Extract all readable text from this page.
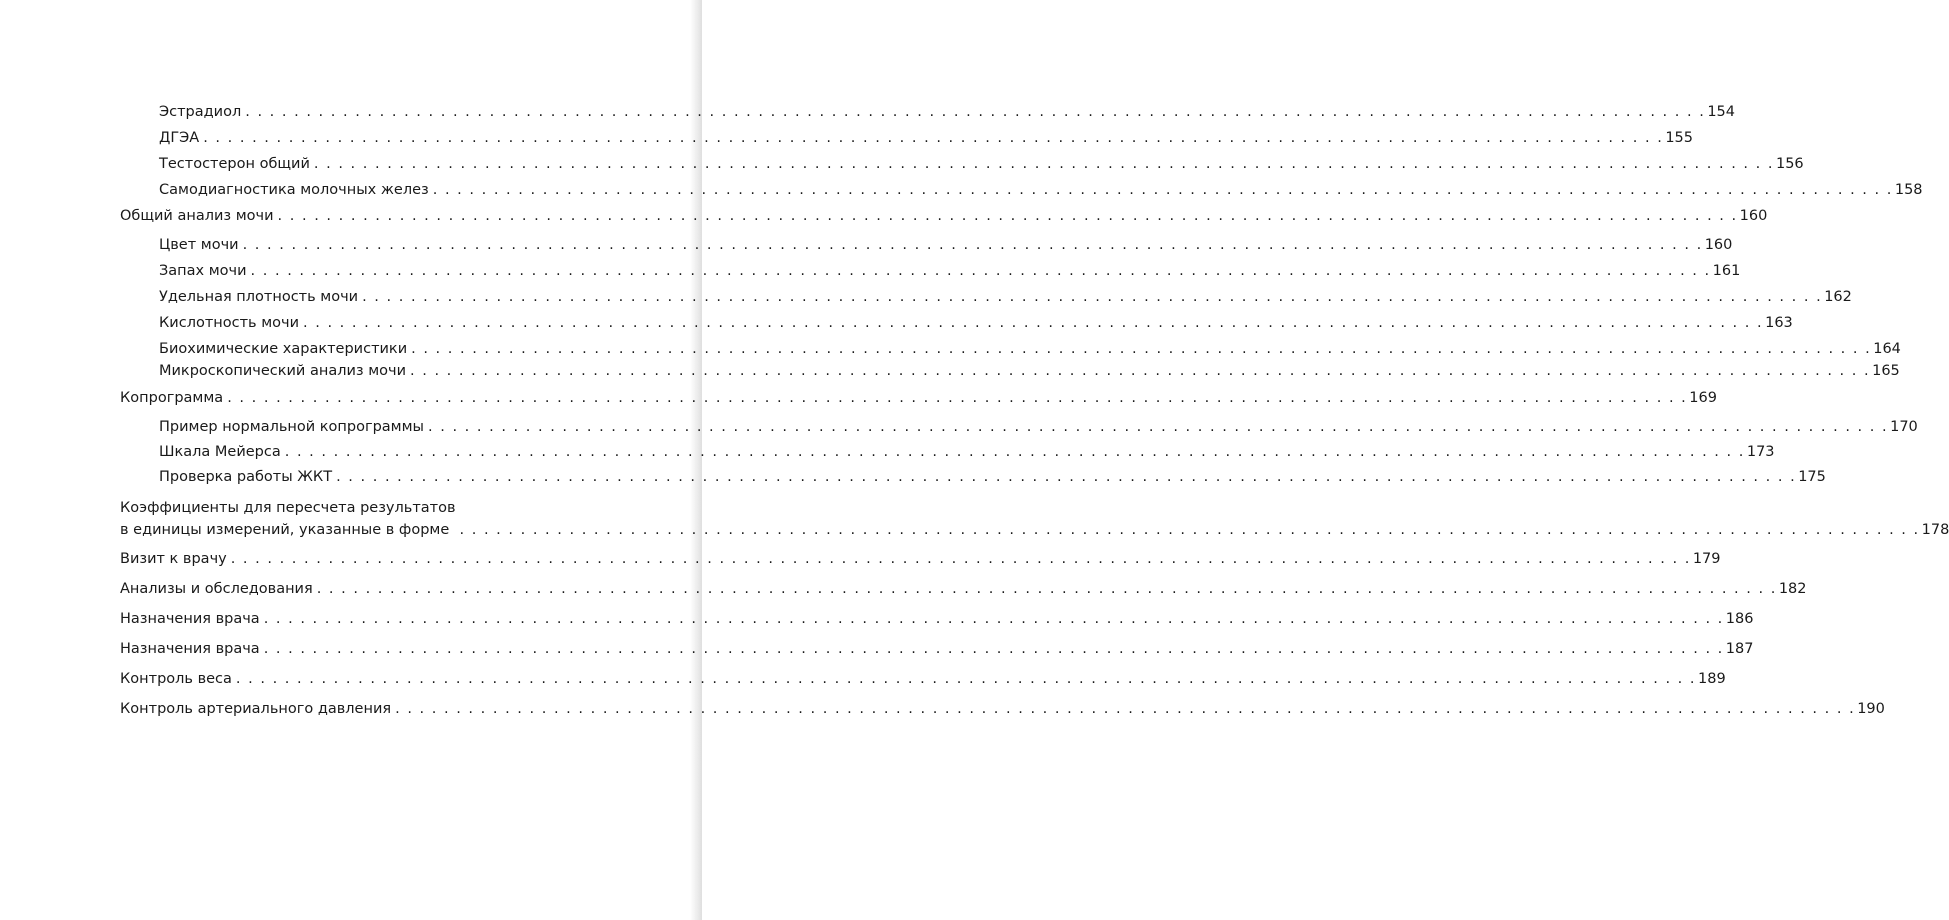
Эстрадиол . . . . . . . . . . . . . . . . . . . . . . . . . . . . . . . . . . . . . . . . . . . . . . . . . . . . . . . . . . . . . . . . . . . . . . . . . . . . . . . . . . . . . . . . . . . . . . . . . . . . . . . . . . . . . . . . . . . . . . . . 154
ДГЭА . . . . . . . . . . . . . . . . . . . . . . . . . . . . . . . . . . . . . . . . . . . . . . . . . . . . . . . . . . . . . . . . . . . . . . . . . . . . . . . . . . . . . . . . . . . . . . . . . . . . . . . . . . . . . . . . . . . . . . . . 155
Тестостерон общий . . . . . . . . . . . . . . . . . . . . . . . . . . . . . . . . . . . . . . . . . . . . . . . . . . . . . . . . . . . . . . . . . . . . . . . . . . . . . . . . . . . . . . . . . . . . . . . . . . . . . . . . . . . . . . . . . . . . . . . . 156
Самодиагностика молочных желез . . . . . . . . . . . . . . . . . . . . . . . . . . . . . . . . . . . . . . . . . . . . . . . . . . . . . . . . . . . . . . . . . . . . . . . . . . . . . . . . . . . . . . . . . . . . . . . . . . . . . . . . . . . . . . . . . . . . . . . . 158
Общий анализ мочи . . . . . . . . . . . . . . . . . . . . . . . . . . . . . . . . . . . . . . . . . . . . . . . . . . . . . . . . . . . . . . . . . . . . . . . . . . . . . . . . . . . . . . . . . . . . . . . . . . . . . . . . . . . . . . . . . . . . . . . . 160
Цвет мочи . . . . . . . . . . . . . . . . . . . . . . . . . . . . . . . . . . . . . . . . . . . . . . . . . . . . . . . . . . . . . . . . . . . . . . . . . . . . . . . . . . . . . . . . . . . . . . . . . . . . . . . . . . . . . . . . . . . . . . . . 160
Запах мочи . . . . . . . . . . . . . . . . . . . . . . . . . . . . . . . . . . . . . . . . . . . . . . . . . . . . . . . . . . . . . . . . . . . . . . . . . . . . . . . . . . . . . . . . . . . . . . . . . . . . . . . . . . . . . . . . . . . . . . . . 161
Удельная плотность мочи . . . . . . . . . . . . . . . . . . . . . . . . . . . . . . . . . . . . . . . . . . . . . . . . . . . . . . . . . . . . . . . . . . . . . . . . . . . . . . . . . . . . . . . . . . . . . . . . . . . . . . . . . . . . . . . . . . . . . . . . 162
Кислотность мочи . . . . . . . . . . . . . . . . . . . . . . . . . . . . . . . . . . . . . . . . . . . . . . . . . . . . . . . . . . . . . . . . . . . . . . . . . . . . . . . . . . . . . . . . . . . . . . . . . . . . . . . . . . . . . . . . . . . . . . . . 163
Биохимические характеристики . . . . . . . . . . . . . . . . . . . . . . . . . . . . . . . . . . . . . . . . . . . . . . . . . . . . . . . . . . . . . . . . . . . . . . . . . . . . . . . . . . . . . . . . . . . . . . . . . . . . . . . . . . . . . . . . . . . . . . . . 164
Микроскопический анализ мочи . . . . . . . . . . . . . . . . . . . . . . . . . . . . . . . . . . . . . . . . . . . . . . . . . . . . . . . . . . . . . . . . . . . . . . . . . . . . . . . . . . . . . . . . . . . . . . . . . . . . . . . . . . . . . . . . . . . . . . . . 165
Копрограмма . . . . . . . . . . . . . . . . . . . . . . . . . . . . . . . . . . . . . . . . . . . . . . . . . . . . . . . . . . . . . . . . . . . . . . . . . . . . . . . . . . . . . . . . . . . . . . . . . . . . . . . . . . . . . . . . . . . . . . . . 169
Пример нормальной копрограммы . . . . . . . . . . . . . . . . . . . . . . . . . . . . . . . . . . . . . . . . . . . . . . . . . . . . . . . . . . . . . . . . . . . . . . . . . . . . . . . . . . . . . . . . . . . . . . . . . . . . . . . . . . . . . . . . . . . . . . . . 170
Шкала Мейерса . . . . . . . . . . . . . . . . . . . . . . . . . . . . . . . . . . . . . . . . . . . . . . . . . . . . . . . . . . . . . . . . . . . . . . . . . . . . . . . . . . . . . . . . . . . . . . . . . . . . . . . . . . . . . . . . . . . . . . . . 173
Проверка работы ЖКТ . . . . . . . . . . . . . . . . . . . . . . . . . . . . . . . . . . . . . . . . . . . . . . . . . . . . . . . . . . . . . . . . . . . . . . . . . . . . . . . . . . . . . . . . . . . . . . . . . . . . . . . . . . . . . . . . . . . . . . . . 175
Коэффициенты для пересчета результатов
в единицы измерений, указанные в форме . . . . . . . . . . . . . . . . . . . . . . . . . . . . . . . . . . . . . . . . . . . . . . . . . . . . . . . . . . . . . . . . . . . . . . . . . . . . . . . . . . . . . . . . . . . . . . . . . . . . . . . . . . . . . . . . . . . . . . . . 178
Визит к врачу . . . . . . . . . . . . . . . . . . . . . . . . . . . . . . . . . . . . . . . . . . . . . . . . . . . . . . . . . . . . . . . . . . . . . . . . . . . . . . . . . . . . . . . . . . . . . . . . . . . . . . . . . . . . . . . . . . . . . . . . 179
Анализы и обследования . . . . . . . . . . . . . . . . . . . . . . . . . . . . . . . . . . . . . . . . . . . . . . . . . . . . . . . . . . . . . . . . . . . . . . . . . . . . . . . . . . . . . . . . . . . . . . . . . . . . . . . . . . . . . . . . . . . . . . . . 182
Назначения врача . . . . . . . . . . . . . . . . . . . . . . . . . . . . . . . . . . . . . . . . . . . . . . . . . . . . . . . . . . . . . . . . . . . . . . . . . . . . . . . . . . . . . . . . . . . . . . . . . . . . . . . . . . . . . . . . . . . . . . . . 186
Назначения врача . . . . . . . . . . . . . . . . . . . . . . . . . . . . . . . . . . . . . . . . . . . . . . . . . . . . . . . . . . . . . . . . . . . . . . . . . . . . . . . . . . . . . . . . . . . . . . . . . . . . . . . . . . . . . . . . . . . . . . . . 187
Контроль веса . . . . . . . . . . . . . . . . . . . . . . . . . . . . . . . . . . . . . . . . . . . . . . . . . . . . . . . . . . . . . . . . . . . . . . . . . . . . . . . . . . . . . . . . . . . . . . . . . . . . . . . . . . . . . . . . . . . . . . . . 189
Контроль артериального давления . . . . . . . . . . . . . . . . . . . . . . . . . . . . . . . . . . . . . . . . . . . . . . . . . . . . . . . . . . . . . . . . . . . . . . . . . . . . . . . . . . . . . . . . . . . . . . . . . . . . . . . . . . . . . . . . . . . . . . . . 190
